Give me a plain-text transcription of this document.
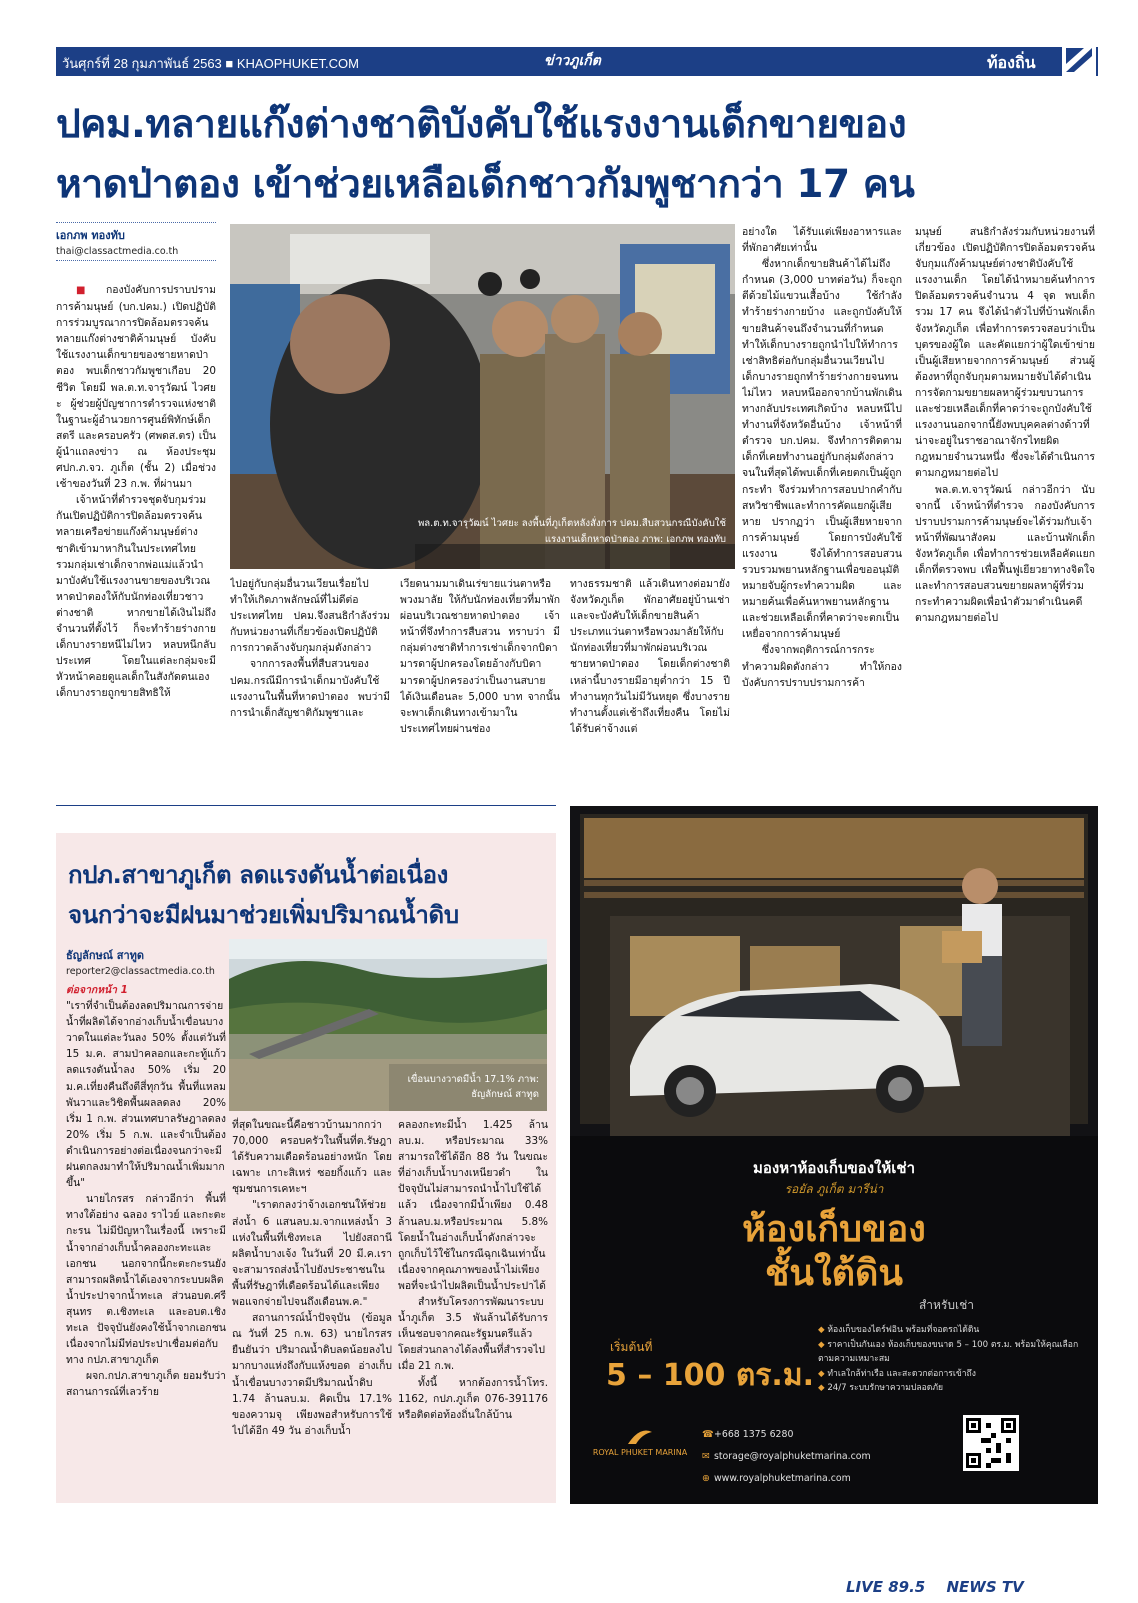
วันศุกร์ที่ 28 กุมภาพันธ์ 2563 ■ KHAOPHUKET.COM	ข่าวภูเก็ต	ท้องถิ่น
ปคม.ทลายแก๊งต่างชาติบังคับใช้แรงงานเด็กขายของ
หาดป่าตอง เข้าช่วยเหลือเด็กชาวกัมพูชากว่า 17 คน
เอกภพ ทองทับ
thai@classactmedia.co.th

■ กองบังคับการปราบปรามการค้ามนุษย์ (บก.ปคม.) เปิดปฏิบัติการร่วมบูรณาการปิดล้อมตรวจค้นทลายแก๊งต่างชาติค้ามนุษย์ บังคับใช้แรงงานเด็กขายของชายหาดป่าตอง พบเด็กชาวกัมพูชาเกือบ 20 ชีวิต โดยมี พล.ต.ท.จารุวัฒน์ ไวศยะ ผู้ช่วยผู้บัญชาการตำรวจแห่งชาติ ในฐานะผู้อำนวยการศูนย์พิทักษ์เด็ก สตรี และครอบครัว (ศพดส.ตร) เป็นผู้นำแถลงข่าว ณ ห้องประชุม ศปก.ภ.จว. ภูเก็ต (ชั้น 2) เมื่อช่วงเช้าของวันที่ 23 ก.พ. ที่ผ่านมา

เจ้าหน้าที่ตำรวจชุดจับกุมร่วมกันเปิดปฏิบัติการปิดล้อมตรวจค้นทลายเครือข่ายแก๊งค้ามนุษย์ต่างชาติเข้ามาหากินในประเทศไทย รวมกลุ่มเช่าเด็กจากพ่อแม่แล้วนำมาบังคับใช้แรงงานขายของบริเวณหาดป่าตองให้กับนักท่องเที่ยวชาวต่างชาติ หากขายได้เงินไม่ถึงจำนวนที่ตั้งไว้ ก็จะทำร้ายร่างกายเด็กบางรายหนีไม่ไหว หลบหนีกลับประเทศ โดยในแต่ละกลุ่มจะมีหัวหน้าคอยดูแลเด็กในสังกัดตนเอง เด็กบางรายถูกขายสิทธิให้

พล.ต.ท.จารุวัฒน์ ไวศยะ ลงพื้นที่ภูเก็ตหลังสั่งการ ปคม.สืบสวนกรณีบังคับใช้แรงงานเด็กหาดป่าตอง ภาพ: เอกภพ ทองทับ

ไปอยู่กับกลุ่มอื่นวนเวียนเรื่อยไป ทำให้เกิดภาพลักษณ์ที่ไม่ดีต่อประเทศไทย ปคม.จึงสนธิกำลังร่วมกับหน่วยงานที่เกี่ยวข้องเปิดปฏิบัติการกวาดล้างจับกุมกลุ่มดังกล่าว

จากการลงพื้นที่สืบสวนของ ปคม.กรณีมีการนำเด็กมาบังคับใช้แรงงานในพื้นที่หาดป่าตอง พบว่ามีการนำเด็กสัญชาติกัมพูชาและ

เวียดนามมาเดินเร่ขายแว่นตาหรือ พวงมาลัย ให้กับนักท่องเที่ยวที่มาพักผ่อนบริเวณชายหาดป่าตอง เจ้าหน้าที่จึงทำการสืบสวน ทราบว่า มีกลุ่มต่างชาติทำการเช่าเด็กจากบิดามารดาผู้ปกครองโดยอ้างกับบิดามารดาผู้ปกครองว่าเป็นงานสบาย ได้เงินเดือนละ 5,000 บาท จากนั้นจะพาเด็กเดินทางเข้ามาในประเทศไทยผ่านช่อง

ทางธรรมชาติ แล้วเดินทางต่อมายังจังหวัดภูเก็ต พักอาศัยอยู่บ้านเช่า และจะบังคับให้เด็กขายสินค้าประเภทแว่นตาหรือพวงมาลัยให้กับนักท่องเที่ยวที่มาพักผ่อนบริเวณชายหาดป่าตอง โดยเด็กต่างชาติเหล่านี้บางรายมีอายุต่ำกว่า 15 ปี ทำงานทุกวันไม่มีวันหยุด ซึ่งบางรายทำงานตั้งแต่เช้าถึงเที่ยงคืน โดยไม่ได้รับค่าจ้างแต่

อย่างใด ได้รับแต่เพียงอาหารและที่พักอาศัยเท่านั้น

ซึ่งหากเด็กขายสินค้าได้ไม่ถึงกำหนด (3,000 บาทต่อวัน) ก็จะถูกตีด้วยไม้แขวนเสื้อบ้าง ใช้กำลังทำร้ายร่างกายบ้าง และถูกบังคับให้ขายสินค้าจนถึงจำนวนที่กำหนด ทำให้เด็กบางรายถูกนำไปให้ทำการเช่าสิทธิต่อกับกลุ่มอื่นวนเวียนไป เด็กบางรายถูกทำร้ายร่างกายจนทนไม่ไหว หลบหนีออกจากบ้านพักเดินทางกลับประเทศเกิดบ้าง หลบหนีไปทำงานที่จังหวัดอื่นบ้าง เจ้าหน้าที่ตำรวจ บก.ปคม. จึงทำการติดตามเด็กที่เคยทำงานอยู่กับกลุ่มดังกล่าว จนในที่สุดได้พบเด็กที่เคยตกเป็นผู้ถูกกระทำ จึงร่วมทำการสอบปากคำกับสหวิชาชีพและทำการคัดแยกผู้เสียหาย ปรากฏว่า เป็นผู้เสียหายจากการค้ามนุษย์ โดยการบังคับใช้แรงงาน จึงได้ทำการสอบสวนรวบรวมพยานหลักฐานเพื่อขออนุมัติหมายจับผู้กระทำความผิด และหมายค้นเพื่อค้นหาพยานหลักฐานและช่วยเหลือเด็กที่คาดว่าจะตกเป็นเหยื่อจากการค้ามนุษย์

ซึ่งจากพฤติการณ์การกระทำความผิดดังกล่าว ทำให้กองบังคับการปราบปรามการค้า

มนุษย์ สนธิกำลังร่วมกับหน่วยงานที่เกี่ยวข้อง เปิดปฏิบัติการปิดล้อมตรวจค้นจับกุมแก๊งค้ามนุษย์ต่างชาติบังคับใช้แรงงานเด็ก โดยได้นำหมายค้นทำการปิดล้อมตรวจค้นจำนวน 4 จุด พบเด็กรวม 17 คน จึงได้นำตัวไปที่บ้านพักเด็กจังหวัดภูเก็ต เพื่อทำการตรวจสอบว่าเป็นบุตรของผู้ใด และคัดแยกว่าผู้ใดเข้าข่ายเป็นผู้เสียหายจากการค้ามนุษย์ ส่วนผู้ต้องหาที่ถูกจับกุมตามหมายจับได้ดำเนินการจัดกามขยายผลหาผู้ร่วมขบวนการและช่วยเหลือเด็กที่คาดว่าจะถูกบังคับใช้แรงงานนอกจากนี้ยังพบบุคคลต่างด้าวที่น่าจะอยู่ในราชอาณาจักรไทยผิดกฎหมายจำนวนหนึ่ง ซึ่งจะได้ดำเนินการตามกฎหมายต่อไป

พล.ต.ท.จารุวัฒน์ กล่าวอีกว่า นับจากนี้ เจ้าหน้าที่ตำรวจ กองบังคับการปราบปรามการค้ามนุษย์จะได้ร่วมกับเจ้าหน้าที่พัฒนาสังคม และบ้านพักเด็กจังหวัดภูเก็ต เพื่อทำการช่วยเหลือคัดแยกเด็กที่ตรวจพบ เพื่อฟื้นฟูเยียวยาทางจิตใจ และทำการสอบสวนขยายผลหาผู้ที่ร่วมกระทำความผิดเพื่อนำตัวมาดำเนินคดีตามกฎหมายต่อไป

กปภ.สาขาภูเก็ต ลดแรงดันน้ำต่อเนื่อง
จนกว่าจะมีฝนมาช่วยเพิ่มปริมาณน้ำดิบ
ธัญลักษณ์ สาทูด
reporter2@classactmedia.co.th
เขื่อนบางวาดมีน้ำ 17.1% ภาพ: ธัญลักษณ์ สาทูด

ต่อจากหน้า 1

"เราที่จำเป็นต้องลดปริมาณการจ่ายน้ำที่ผลิตได้จากอ่างเก็บน้ำเขื่อนบางวาดในแต่ละวันลง 50% ตั้งแต่วันที่ 15 ม.ค. สามป่าคลอกและกะทู้แก้วลดแรงดันน้ำลง 50% เริ่ม 20 ม.ค.เที่ยงคืนถึงตีสี่ทุกวัน พื้นที่แหลมพันวาและวิชิตพื้นผลลดลง 20% เริ่ม 1 ก.พ. ส่วนเทศบาลรัษฎาลดลง 20% เริ่ม 5 ก.พ. และจำเป็นต้องดำเนินการอย่างต่อเนื่องจนกว่าจะมีฝนตกลงมาทำให้ปริมาณน้ำเพิ่มมากขึ้น"

นายไกรสร กล่าวอีกว่า พื้นที่ทางใต้อย่าง ฉลอง ราไวย์ และกะตะ กะรน ไม่มีปัญหาในเรื่องนี้ เพราะมีน้ำจากอ่างเก็บน้ำคลองกะทะและเอกชน นอกจากนี้กะตะกะรนยังสามารถผลิตน้ำได้เองจากระบบผลิตน้ำประปาจากน้ำทะเล ส่วนอบต.ศรีสุนทร ต.เชิงทะเล และอบต.เชิงทะเล ปัจจุบันยังคงใช้น้ำจากเอกชน เนื่องจากไม่มีท่อประปาเชื่อมต่อกับทาง กปภ.สาขาภูเก็ต

ผจก.กปภ.สาขาภูเก็ต ยอมรับว่าสถานการณ์ที่เลวร้าย

ที่สุดในขณะนี้คือชาวบ้านมากกว่า 70,000 ครอบครัวในพื้นที่ต.รัษฎา ได้รับความเดือดร้อนอย่างหนัก โดยเฉพาะ เกาะสิเหร่ ซอยกิ้งแก้ว และชุมชนการเคหะฯ

"เราตกลงว่าจ้างเอกชนให้ช่วยส่งน้ำ 6 แสนลบ.ม.จากแหล่งน้ำ 3 แห่งในพื้นที่เชิงทะเล ไปยังสถานีผลิตน้ำบางเจ้ง ในวันที่ 20 มี.ค.เราจะสามารถส่งน้ำไปยังประชาชนในพื้นที่รัษฎาที่เดือดร้อนได้และเพียงพอแจกจ่ายไปจนถึงเดือนพ.ค."

สถานการณ์น้ำปัจจุบัน (ข้อมูล ณ วันที่ 25 ก.พ. 63) นายไกรสรยืนยันว่า ปริมาณน้ำดิบลดน้อยลงไปมากบางแห่งถึงกับแห้งขอด อ่างเก็บน้ำเขื่อนบางวาดมีปริมาณน้ำดิบ 1.74 ล้านลบ.ม. คิดเป็น 17.1% ของความจุ เพียงพอสำหรับการใช้ไปได้อีก 49 วัน อ่างเก็บน้ำ

คลองกะทะมีน้ำ 1.425 ล้านลบ.ม. หรือประมาณ 33% สามารถใช้ได้อีก 88 วัน ในขณะที่อ่างเก็บน้ำบางเหนียวดำ ในปัจจุบันไม่สามารถนำน้ำไปใช้ได้แล้ว เนื่องจากมีน้ำเพียง 0.48 ล้านลบ.ม.หรือประมาณ 5.8% โดยน้ำในอ่างเก็บน้ำดังกล่าวจะถูกเก็บไว้ใช้ในกรณีฉุกเฉินเท่านั้น เนื่องจากคุณภาพของน้ำไม่เพียงพอที่จะนำไปผลิตเป็นน้ำประปาได้

สำหรับโครงการพัฒนาระบบน้ำภูเก็ต 3.5 พันล้านได้รับการเห็นชอบจากคณะรัฐมนตรีแล้ว โดยส่วนกลางได้ลงพื้นที่สำรวจไปเมื่อ 21 ก.พ.

ทั้งนี้ หากต้องการน้ำโทร. 1162, กปภ.ภูเก็ต 076-391176 หรือติดต่อท้องถิ่นใกล้บ้าน

มองหาห้องเก็บของให้เช่า
รอยัล ภูเก็ต มารีน่า
ห้องเก็บของ
ชั้นใต้ดิน
สำหรับเช่า
เริ่มต้นที่
5 – 100 ตร.ม.
◆ ห้องเก็บของไดร์ฟอิน พร้อมที่จอดรถได้ดิน
◆ ราคาเป็นกันเอง ห้องเก็บของขนาด 5 – 100 ตร.ม. พร้อมให้คุณเลือกตามความเหมาะสม
◆ ทำเลใกล้ท่าเรือ และสะดวกต่อการเข้าถึง
◆ 24/7 ระบบรักษาความปลอดภัย
ROYAL PHUKET MARINA
☎+668 1375 6280
✉ storage@royalphuketmarina.com
⊕ www.royalphuketmarina.com
LIVE 89.5 NEWS TV
